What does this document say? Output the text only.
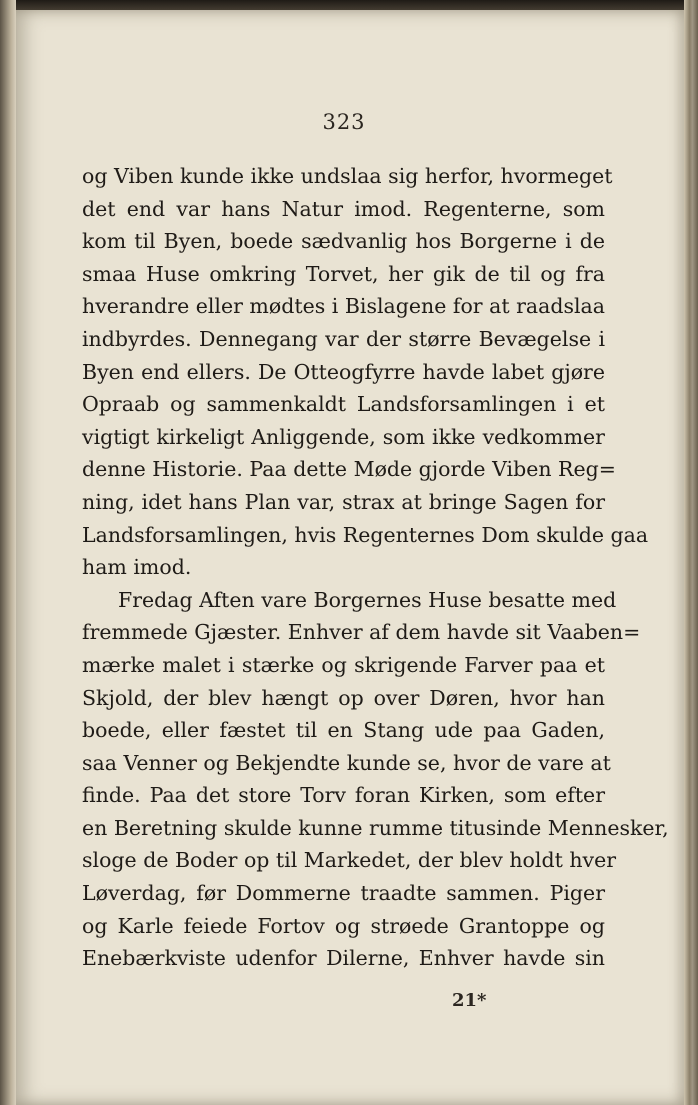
323
og Viben kunde ikke undslaa sig herfor, hvormeget
det end var hans Natur imod. Regenterne, som
kom til Byen, boede sædvanlig hos Borgerne i de
smaa Huse omkring Torvet, her gik de til og fra
hverandre eller mødtes i Bislagene for at raadslaa
indbyrdes. Dennegang var der større Bevægelse i
Byen end ellers. De Otteogfyrre havde labet gjøre
Opraab og sammenkaldt Landsforsamlingen i et
vigtigt kirkeligt Anliggende, som ikke vedkommer
denne Historie. Paa dette Møde gjorde Viben Reg=
ning, idet hans Plan var, strax at bringe Sagen for
Landsforsamlingen, hvis Regenternes Dom skulde gaa
ham imod.
Fredag Aften vare Borgernes Huse besatte med
fremmede Gjæster. Enhver af dem havde sit Vaaben=
mærke malet i stærke og skrigende Farver paa et
Skjold, der blev hængt op over Døren, hvor han
boede, eller fæstet til en Stang ude paa Gaden,
saa Venner og Bekjendte kunde se, hvor de vare at
finde. Paa det store Torv foran Kirken, som efter
en Beretning skulde kunne rumme titusinde Mennesker,
sloge de Boder op til Markedet, der blev holdt hver
Løverdag, før Dommerne traadte sammen. Piger
og Karle feiede Fortov og strøede Grantoppe og
Enebærkviste udenfor Dilerne, Enhver havde sin
21*
